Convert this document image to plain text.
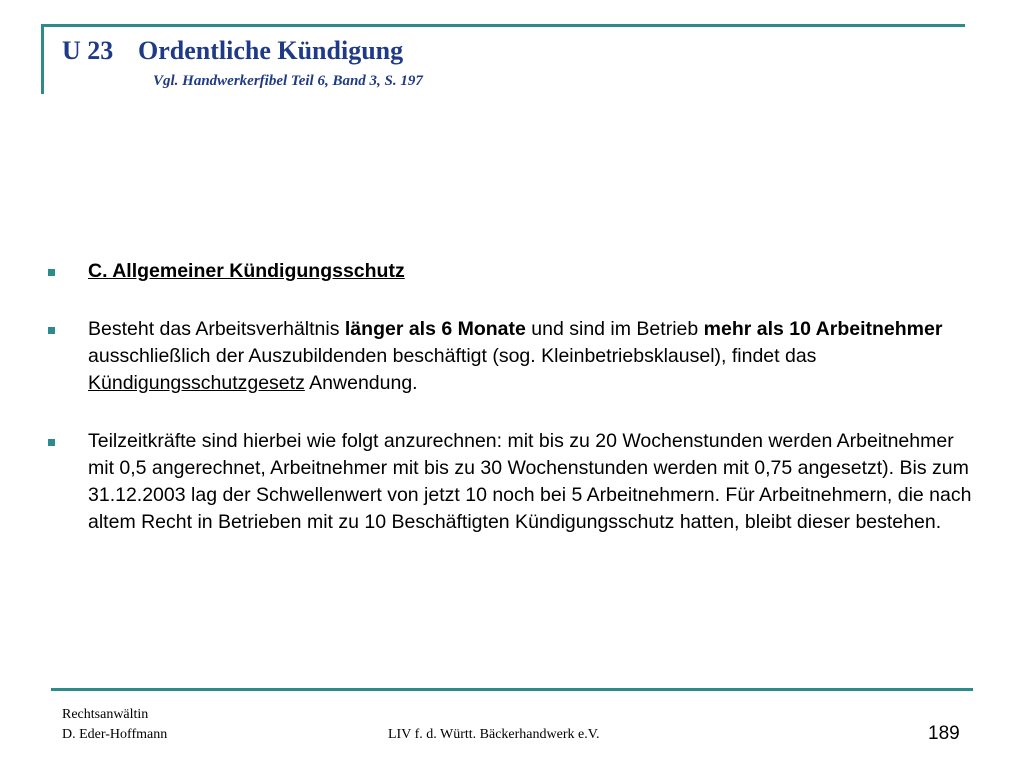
U 23 Ordentliche Kündigung
Vgl. Handwerkerfibel Teil 6, Band 3, S. 197
C. Allgemeiner Kündigungsschutz
Besteht das Arbeitsverhältnis länger als 6 Monate und sind im Betrieb mehr als 10 Arbeitnehmer ausschließlich der Auszubildenden beschäftigt (sog. Kleinbetriebsklausel), findet das Kündigungsschutzgesetz Anwendung.
Teilzeitkräfte sind hierbei wie folgt anzurechnen: mit bis zu 20 Wochenstunden werden Arbeitnehmer mit 0,5 angerechnet, Arbeitnehmer mit bis zu 30 Wochenstunden werden mit 0,75 angesetzt). Bis zum 31.12.2003 lag der Schwellenwert von jetzt 10 noch bei 5 Arbeitnehmern. Für Arbeitnehmern, die nach altem Recht in Betrieben mit zu 10 Beschäftigten Kündigungsschutz hatten, bleibt dieser bestehen.
Rechtsanwältin
D. Eder-Hoffmann	LIV f. d. Württ. Bäckerhandwerk e.V.	189
